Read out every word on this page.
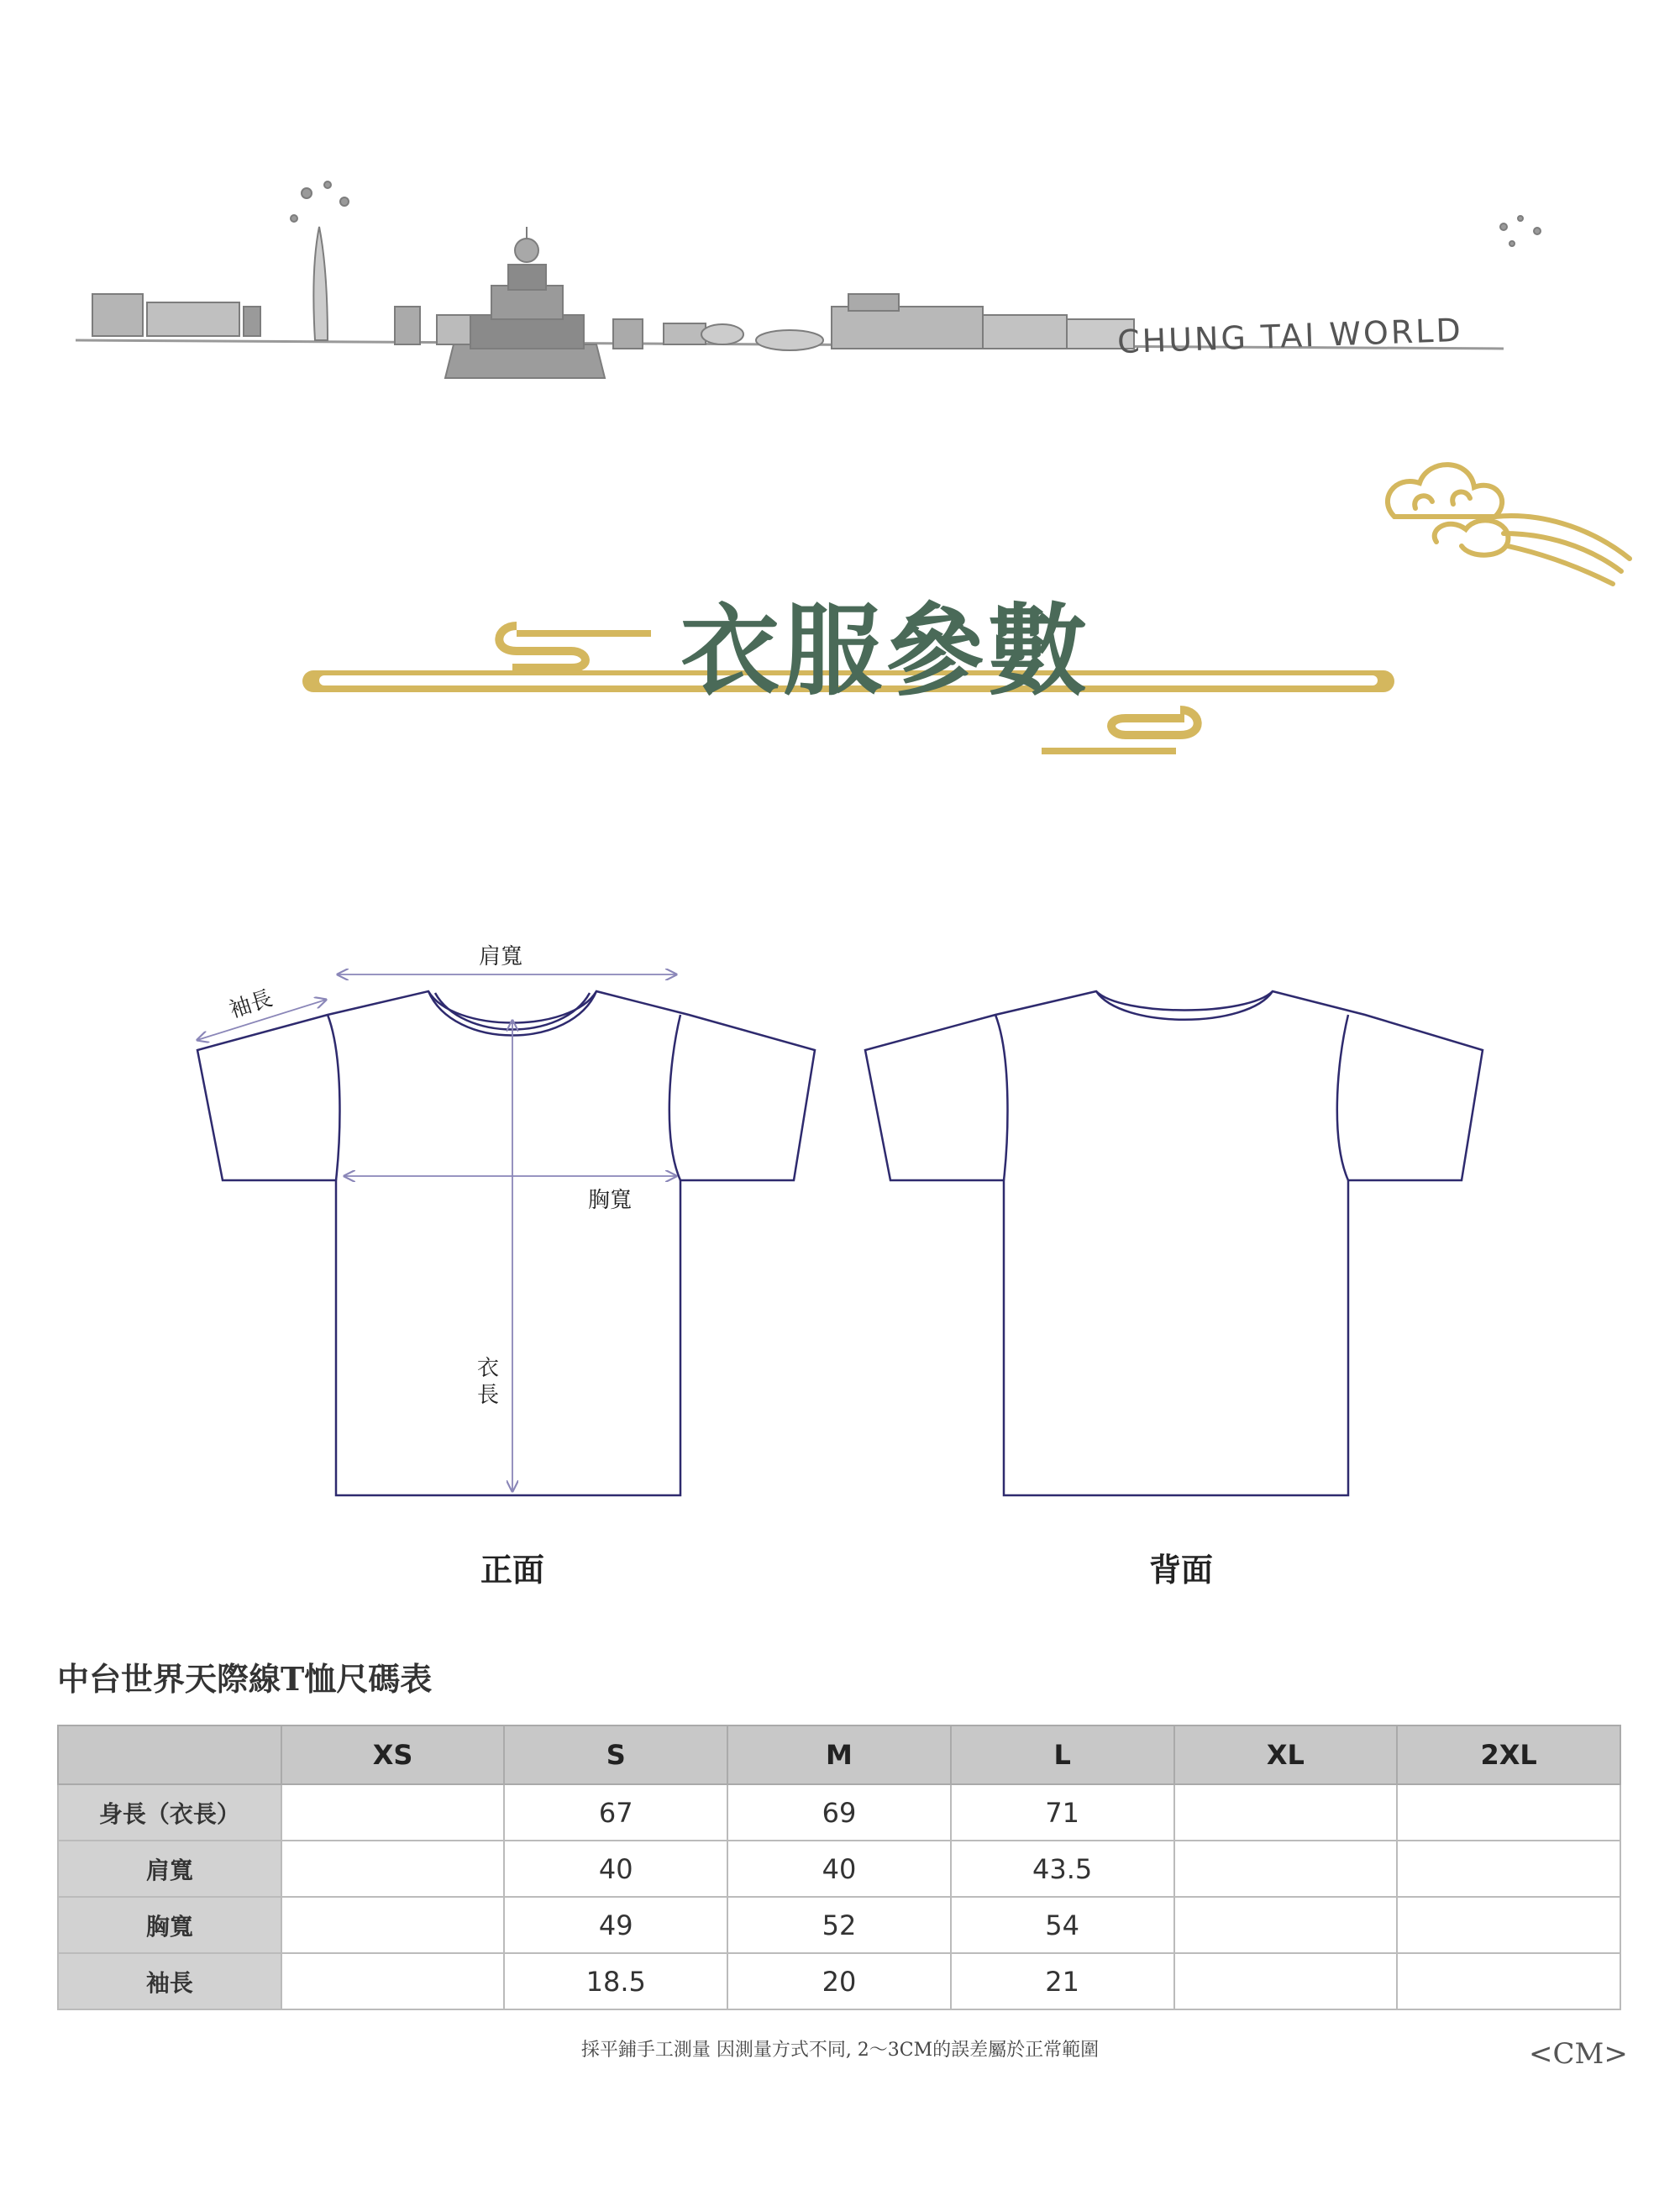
CHUNG TAI WORLD
衣服參數
肩寬
袖長
胸寬
衣
長
正面	背面
中台世界天際線T恤尺碼表
	XS	S	M	L	XL	2XL
身長（衣長）		67	69	71		
肩寬		40	40	43.5		
胸寬		49	52	54		
袖長		18.5	20	21		
採平鋪手工測量 因測量方式不同, 2～3CM的誤差屬於正常範圍	<CM>
